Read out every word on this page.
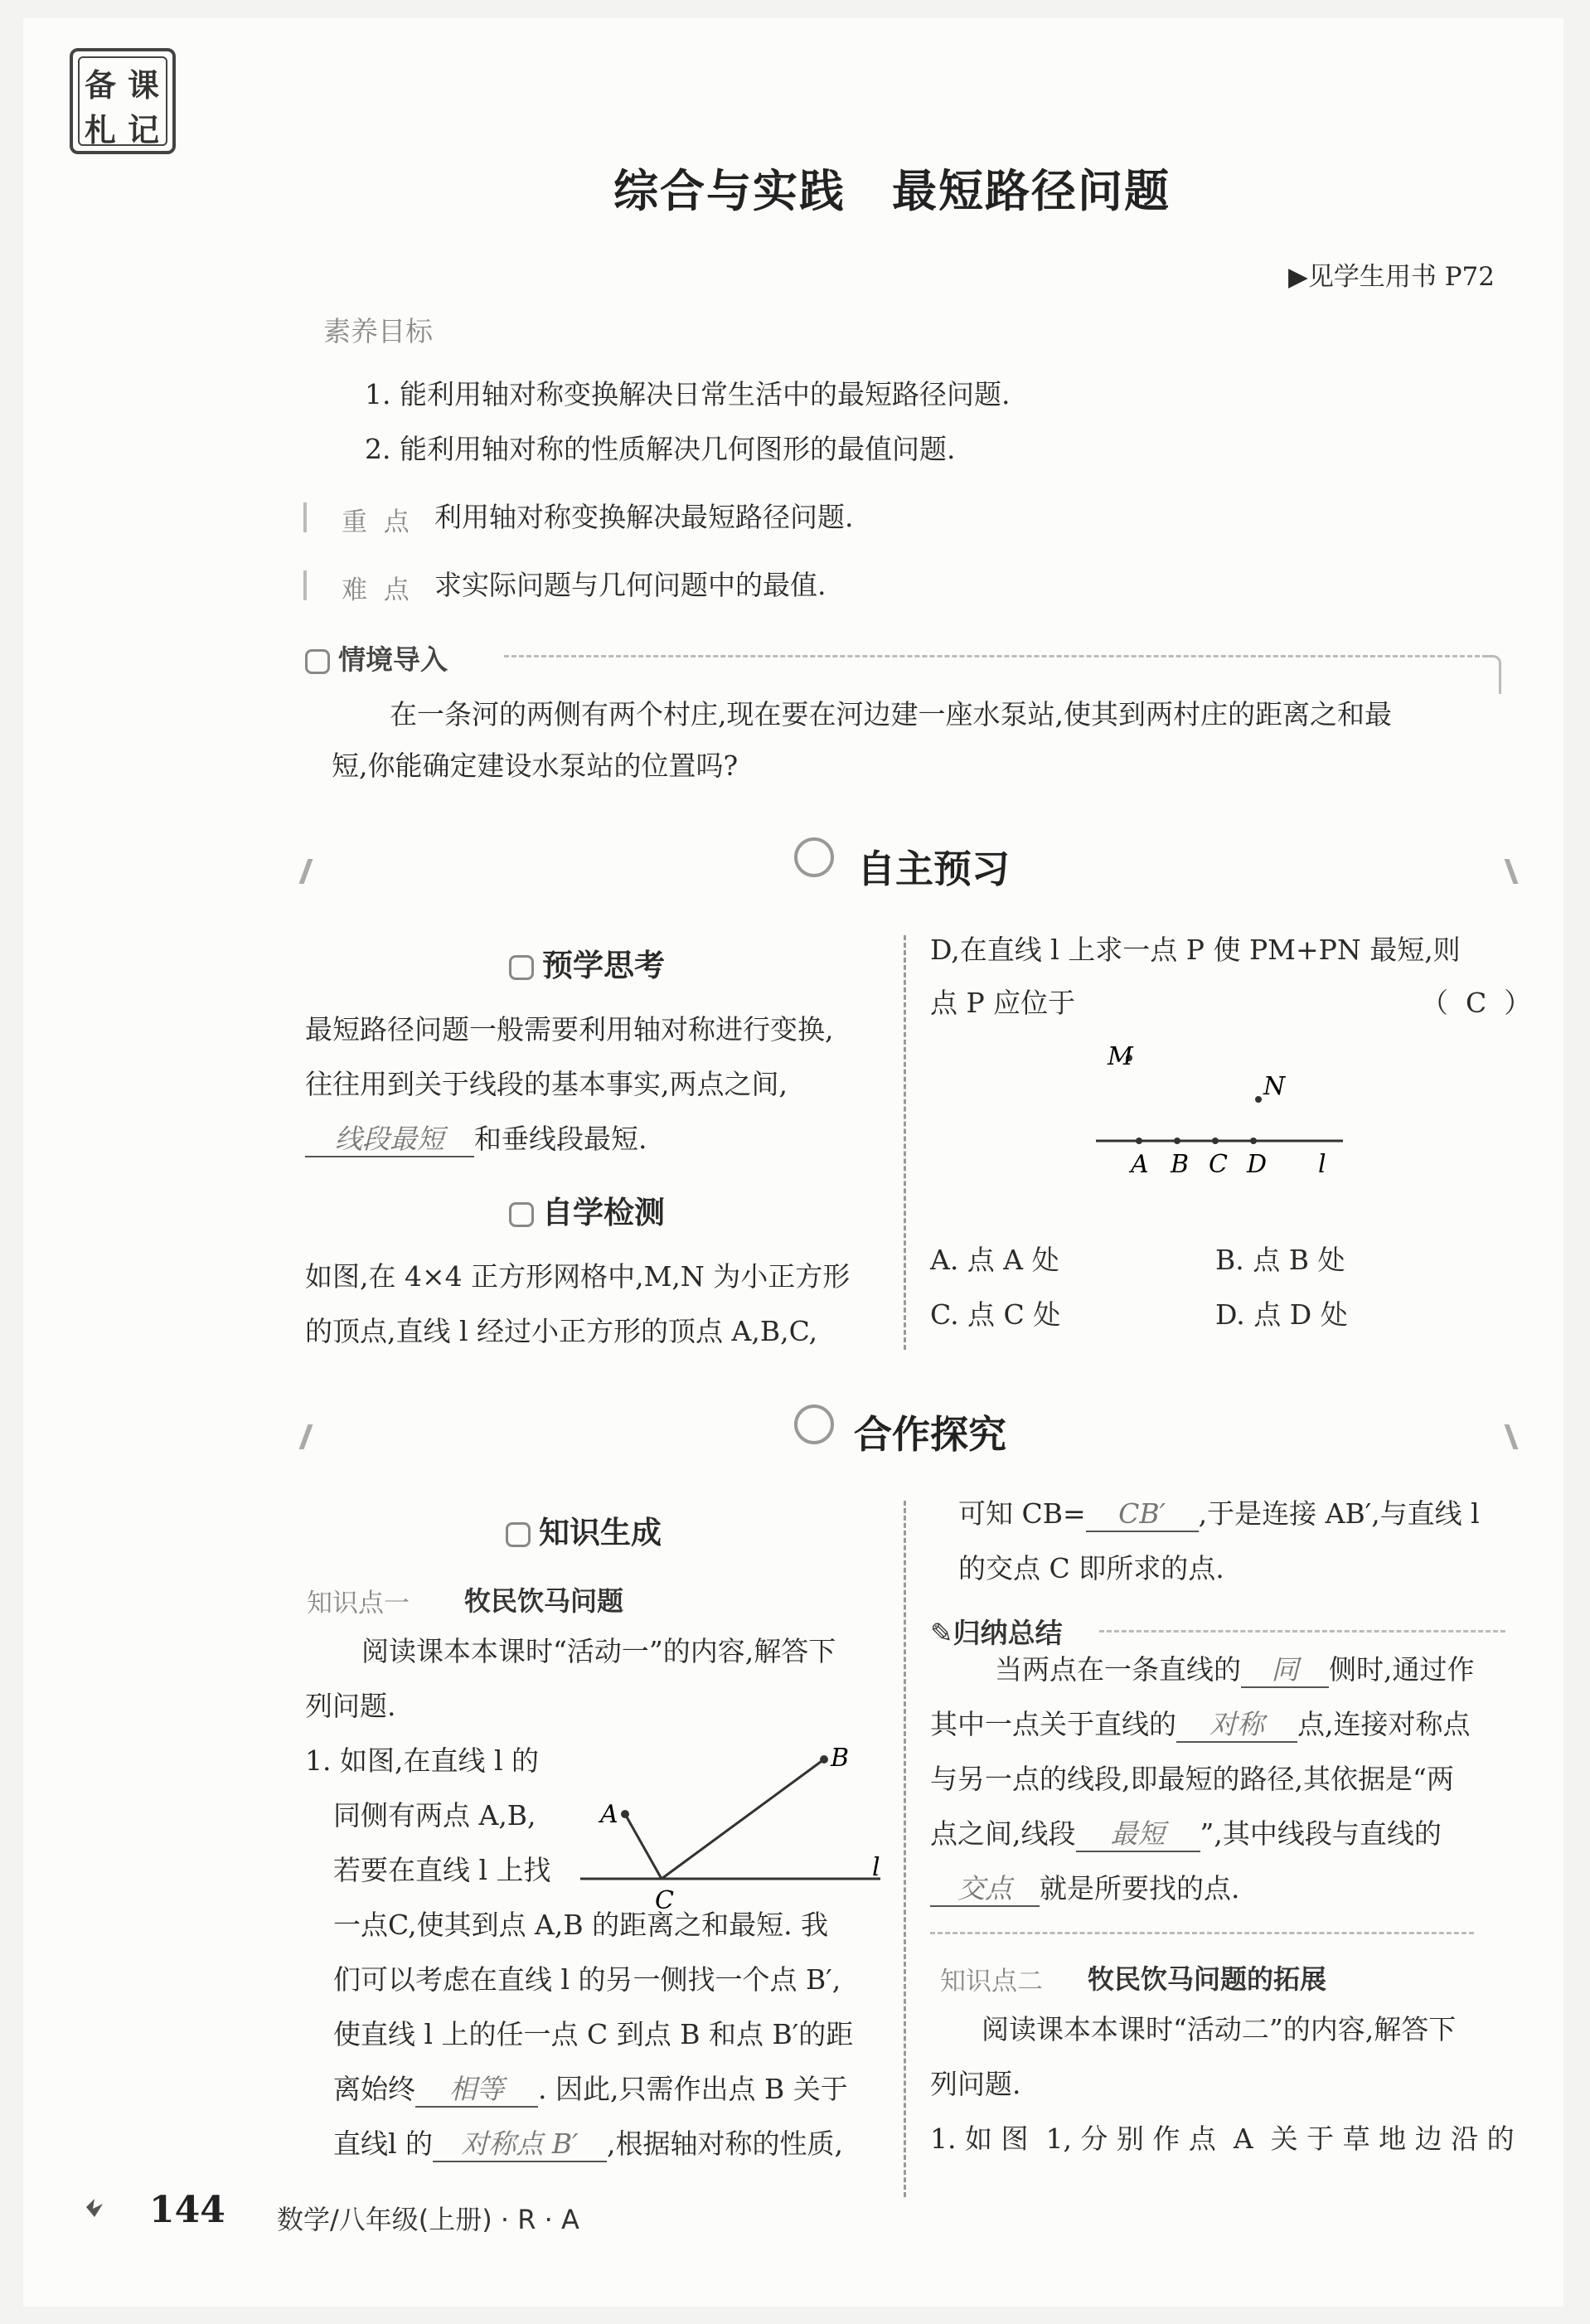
备 课
札 记
综合与实践　最短路径问题
▶见学生用书 P72
素养目标
1. 能利用轴对称变换解决日常生活中的最短路径问题.
2. 能利用轴对称的性质解决几何图形的最值问题.
重  点 利用轴对称变换解决最短路径问题.
难  点 求实际问题与几何问题中的最值.
情境导入
在一条河的两侧有两个村庄,现在要在河边建一座水泵站,使其到两村庄的距离之和最
短,你能确定建设水泵站的位置吗?
自主预习
预学思考
最短路径问题一般需要利用轴对称进行变换,
往往用到关于线段的基本事实,两点之间,
线段最短 和垂线段最短.
自学检测
如图,在 4×4 正方形网格中,M,N 为小正方形
的顶点,直线 l 经过小正方形的顶点 A,B,C,
D,在直线 l 上求一点 P 使 PM+PN 最短,则
点 P 应位于	（  C  ）
M
N
A B C D l
A. 点 A 处	B. 点 B 处
C. 点 C 处	D. 点 D 处
合作探究
知识生成
知识点一 牧民饮马问题
阅读课本本课时“活动一”的内容,解答下
列问题.
1. 如图,在直线 l 的
同侧有两点 A,B,
若要在直线 l 上找
A
B
C
l
一点C,使其到点 A,B 的距离之和最短. 我
们可以考虑在直线 l 的另一侧找一个点 B′,
使直线 l 上的任一点 C 到点 B 和点 B′的距
离始终 相等 . 因此,只需作出点 B 关于
直线l 的 对称点 B′ ,根据轴对称的性质,
可知 CB= CB′ ,于是连接 AB′,与直线 l
的交点 C 即所求的点.
✎归纳总结
当两点在一条直线的 同 侧时,通过作
其中一点关于直线的 对称 点,连接对称点
与另一点的线段,即最短的路径,其依据是“两
点之间,线段 最短 ”,其中线段与直线的
交点 就是所要找的点.
知识点二 牧民饮马问题的拓展
阅读课本本课时“活动二”的内容,解答下
列问题.
1. 如 图  1, 分 别 作 点  A  关 于 草 地 边 沿 的
144 数学/八年级(上册) · R · A
